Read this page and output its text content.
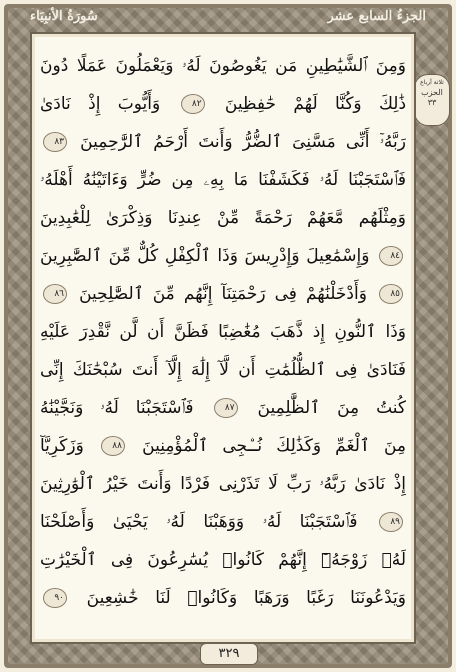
سُورَةُ الأنبِيَاء	الجزءُ السابع عشر
ثلاثة أرباع
الحزب
٣٣
وَمِنَ ٱلشَّيَٰطِينِ مَن يَغُوصُونَ لَهُۥ وَيَعْمَلُونَ عَمَلًا دُونَ
ذَٰلِكَ وَكُنَّا لَهُمْ حَٰفِظِينَ ٨٢ وَأَيُّوبَ إِذْ نَادَىٰ
رَبَّهُۥٓ أَنِّى مَسَّنِىَ ٱلضُّرُّ وَأَنتَ أَرْحَمُ ٱلرَّٰحِمِينَ ٨٣
فَٱسْتَجَبْنَا لَهُۥ فَكَشَفْنَا مَا بِهِۦ مِن ضُرٍّ وَءَاتَيْنَٰهُ أَهْلَهُۥ
وَمِثْلَهُم مَّعَهُمْ رَحْمَةً مِّنْ عِندِنَا وَذِكْرَىٰ لِلْعَٰبِدِينَ
٨٤ وَإِسْمَٰعِيلَ وَإِدْرِيسَ وَذَا ٱلْكِفْلِ كُلٌّ مِّنَ ٱلصَّٰبِرِينَ
٨٥ وَأَدْخَلْنَٰهُمْ فِى رَحْمَتِنَآ إِنَّهُم مِّنَ ٱلصَّٰلِحِينَ ٨٦
وَذَا ٱلنُّونِ إِذ ذَّهَبَ مُغَٰضِبًا فَظَنَّ أَن لَّن نَّقْدِرَ عَلَيْهِ
فَنَادَىٰ فِى ٱلظُّلُمَٰتِ أَن لَّآ إِلَٰهَ إِلَّآ أَنتَ سُبْحَٰنَكَ إِنِّى
كُنتُ مِنَ ٱلظَّٰلِمِينَ ٨٧ فَٱسْتَجَبْنَا لَهُۥ وَنَجَّيْنَٰهُ
مِنَ ٱلْغَمِّ وَكَذَٰلِكَ نُـۨجِى ٱلْمُؤْمِنِينَ ٨٨ وَزَكَرِيَّآ
إِذْ نَادَىٰ رَبَّهُۥ رَبِّ لَا تَذَرْنِى فَرْدًا وَأَنتَ خَيْرُ ٱلْوَٰرِثِينَ
٨٩ فَٱسْتَجَبْنَا لَهُۥ وَوَهَبْنَا لَهُۥ يَحْيَىٰ وَأَصْلَحْنَا
لَهُۥ زَوْجَهُۥٓ إِنَّهُمْ كَانُوا۟ يُسَٰرِعُونَ فِى ٱلْخَيْرَٰتِ
وَيَدْعُونَنَا رَغَبًا وَرَهَبًا وَكَانُوا۟ لَنَا خَٰشِعِينَ ٩٠
٣٢٩
